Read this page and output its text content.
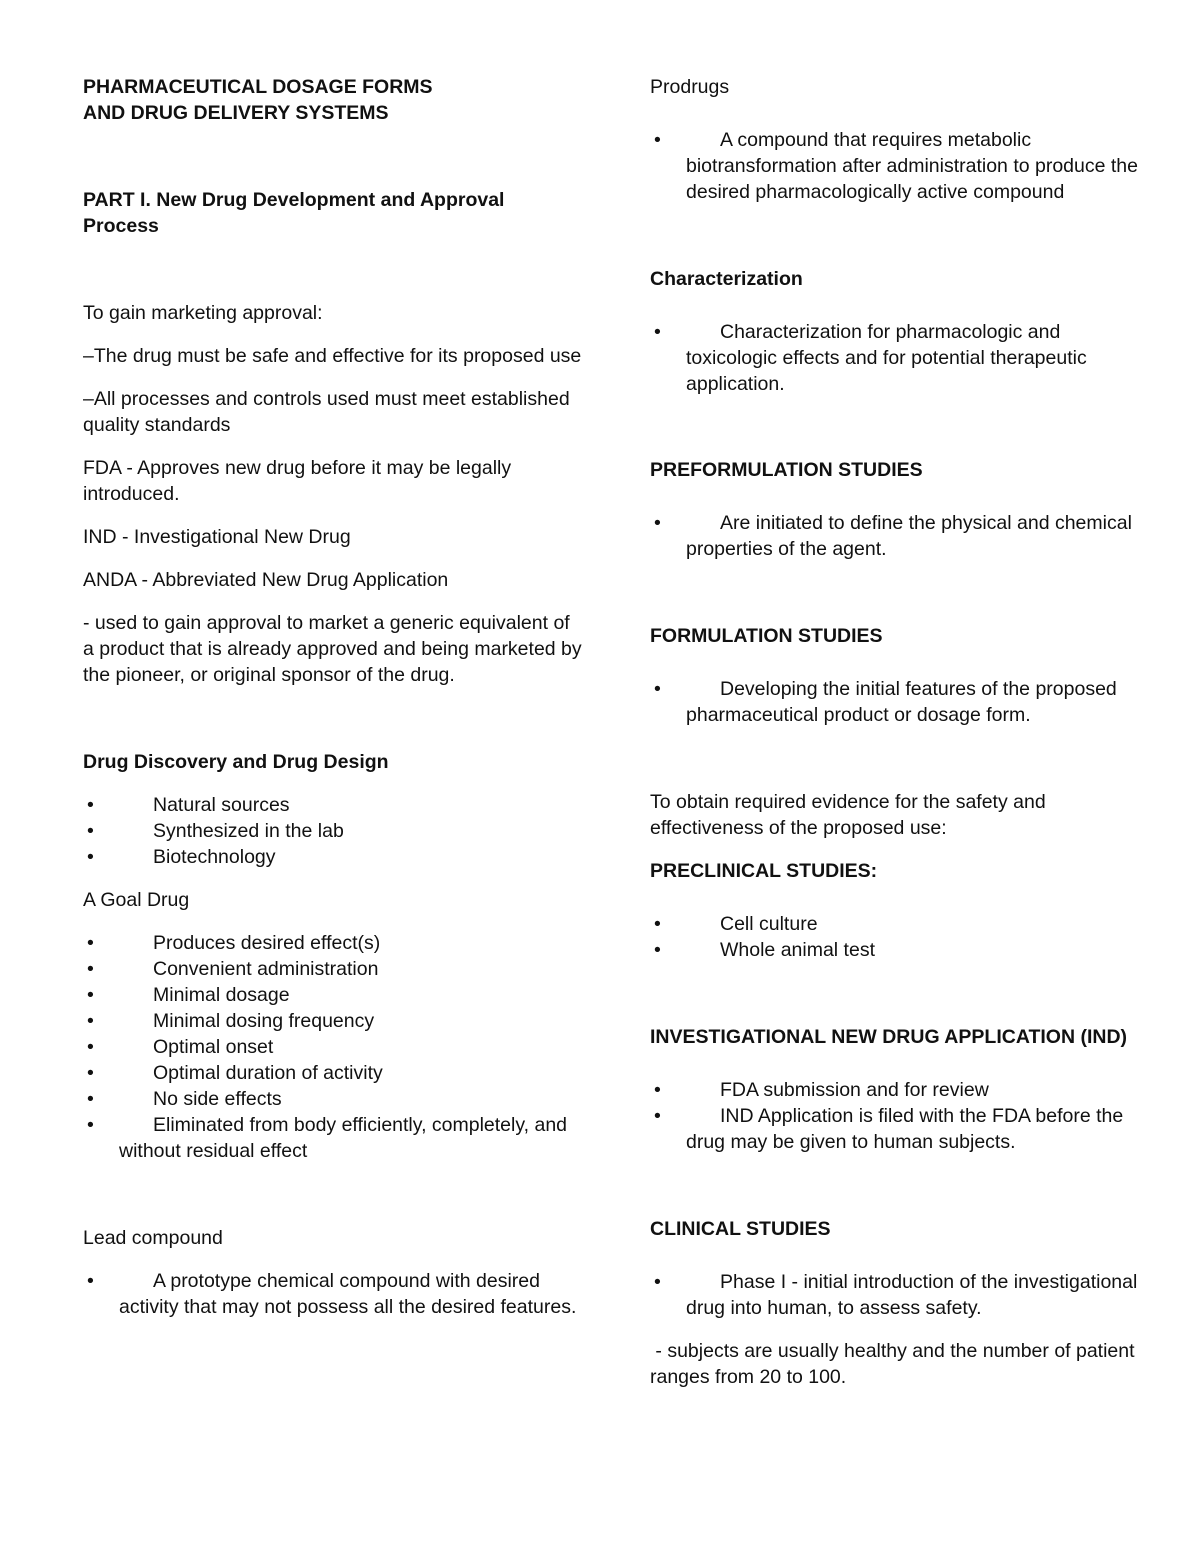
PHARMACEUTICAL DOSAGE FORMS

AND DRUG DELIVERY SYSTEMS

PART I. New Drug Development and Approval Process

To gain marketing approval:

–The drug must be safe and effective for its proposed use

–All processes and controls used must meet established quality standards

FDA - Approves new drug before it may be legally introduced.

IND - Investigational New Drug

ANDA - Abbreviated New Drug Application

- used to gain approval to market a generic equivalent of a product that is already approved and being marketed by the pioneer, or original sponsor of the drug.

Drug Discovery and Drug Design

• Natural sources
• Synthesized in the lab
• Biotechnology

A Goal Drug

• Produces desired effect(s)
• Convenient administration
• Minimal dosage
• Minimal dosing frequency
• Optimal onset
• Optimal duration of activity
• No side effects
• Eliminated from body efficiently, completely, and without residual effect

Lead compound

• A prototype chemical compound with desired activity that may not possess all the desired features.

Prodrugs

• A compound that requires metabolic biotransformation after administration to produce the desired pharmacologically active compound

Characterization

• Characterization for pharmacologic and toxicologic effects and for potential therapeutic application.

PREFORMULATION STUDIES

• Are initiated to define the physical and chemical properties of the agent.

FORMULATION STUDIES

• Developing the initial features of the proposed pharmaceutical product or dosage form.

To obtain required evidence for the safety and effectiveness of the proposed use:

PRECLINICAL STUDIES:

• Cell culture
• Whole animal test

INVESTIGATIONAL NEW DRUG APPLICATION (IND)

• FDA submission and for review
• IND Application is filed with the FDA before the drug may be given to human subjects.

CLINICAL STUDIES

• Phase I - initial introduction of the investigational drug into human, to assess safety.

- subjects are usually healthy and the number of patient ranges from 20 to 100.
